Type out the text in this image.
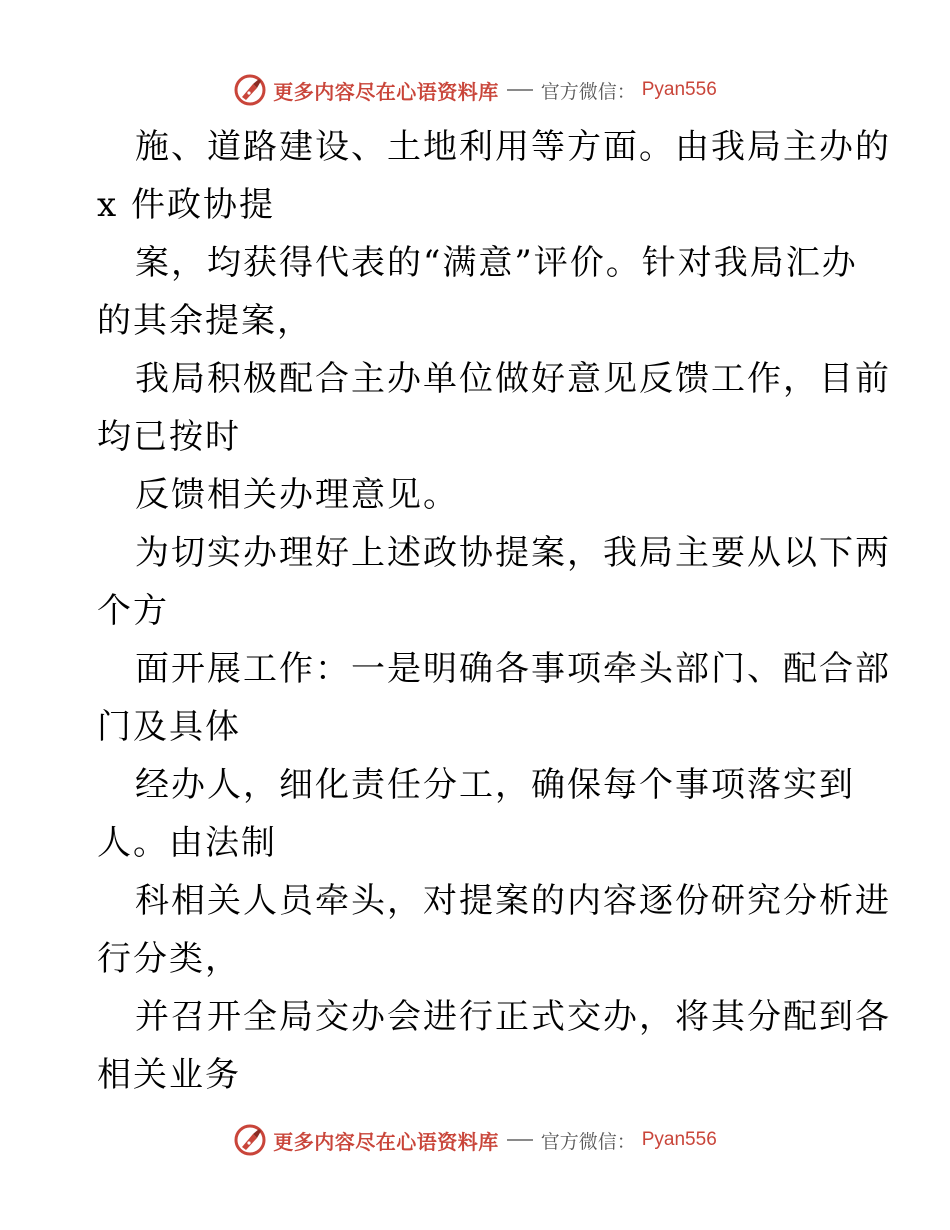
更多内容尽在心语资料库 官方微信： Pyan556
施、道路建设、土地利用等方面。由我局主办的
x 件政协提
案，均获得代表的“满意”评价。针对我局汇办
的其余提案，
我局积极配合主办单位做好意见反馈工作，目前
均已按时
反馈相关办理意见。
为切实办理好上述政协提案，我局主要从以下两
个方
面开展工作：一是明确各事项牵头部门、配合部
门及具体
经办人，细化责任分工，确保每个事项落实到
人。由法制
科相关人员牵头，对提案的内容逐份研究分析进
行分类，
并召开全局交办会进行正式交办，将其分配到各
相关业务
更多内容尽在心语资料库 官方微信： Pyan556
